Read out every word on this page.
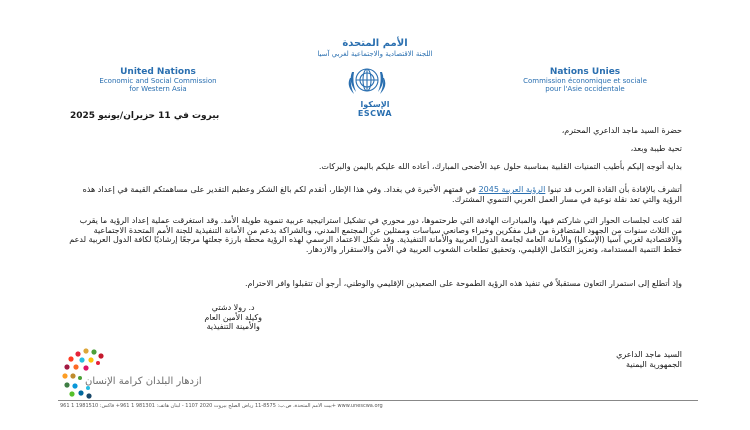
الأمم المتحدة
اللجنة الاقتصادية والاجتماعية لغربي آسيا
الإسكوا
ESCWA
United Nations
Economic and Social Commission
for Western Asia
Nations Unies
Commission économique et sociale
pour l'Asie occidentale
بيروت في 11 حزيران/يونيو 2025
حضرة السيد ماجد الداعري المحترم،
تحية طيبة وبعد،
بداية أتوجه إليكم بأطيب التمنيات القلبية بمناسبة حلول عيد الأضحى المبارك، أعاده الله عليكم باليمن والبركات.
أتشرف بالإفادة بأن القادة العرب قد تبنوا الرؤية العربية 2045 في قمتهم الأخيرة في بغداد. وفي هذا الإطار، أتقدم لكم بالغ الشكر وعظيم التقدير على مساهمتكم القيمة في إعداد هذه الرؤية والتي تعد نقلة نوعية في مسار العمل العربي التنموي المشترك.
لقد كانت لجلسات الحوار التي شاركتم فيها، والمبادرات الهادفة التي طرحتموها، دور محوري في تشكيل استراتيجية عربية تنموية طويلة الأمد. وقد استغرقت عملية إعداد الرؤية ما يقرب من الثلاث سنوات من الجهود المتضافرة من قبل مفكرين وخبراء وصانعي سياسات وممثلين عن المجتمع المدني، وبالشراكة بدعم من الأمانة التنفيذية للجنة الأمم المتحدة الاجتماعية والاقتصادية لغربي آسيا (الإسكوا) والأمانة العامة لجامعة الدول العربية والأمانة التنفيذية. وقد شكل الاعتماد الرسمي لهذه الرؤية محطة بارزة جعلتها مرجعًا إرشاديًا لكافة الدول العربية لدعم خطط التنمية المستدامة، وتعزيز التكامل الإقليمي، وتحقيق تطلعات الشعوب العربية في الأمن والاستقرار والازدهار.
وإذ أتطلع إلى استمرار التعاون مستقبلاً في تنفيذ هذه الرؤية الطموحة على الصعيدين الإقليمي والوطني، أرجو أن تتقبلوا وافر الاحترام.
د. رولا دشتي
وكيلة الأمين العام
والأمينة التنفيذية
السيد ماجد الداعري
الجمهورية اليمنية
ازدهار البلدان كرامة الإنسان
بيت الأمم المتحدة، ص.ب: 8575-11 رياض الصلح بيروت 2020 1107 - لبنان هاتف: 981301 1 961+ فاكس: 1981510 1 961+ www.unescwa.org
